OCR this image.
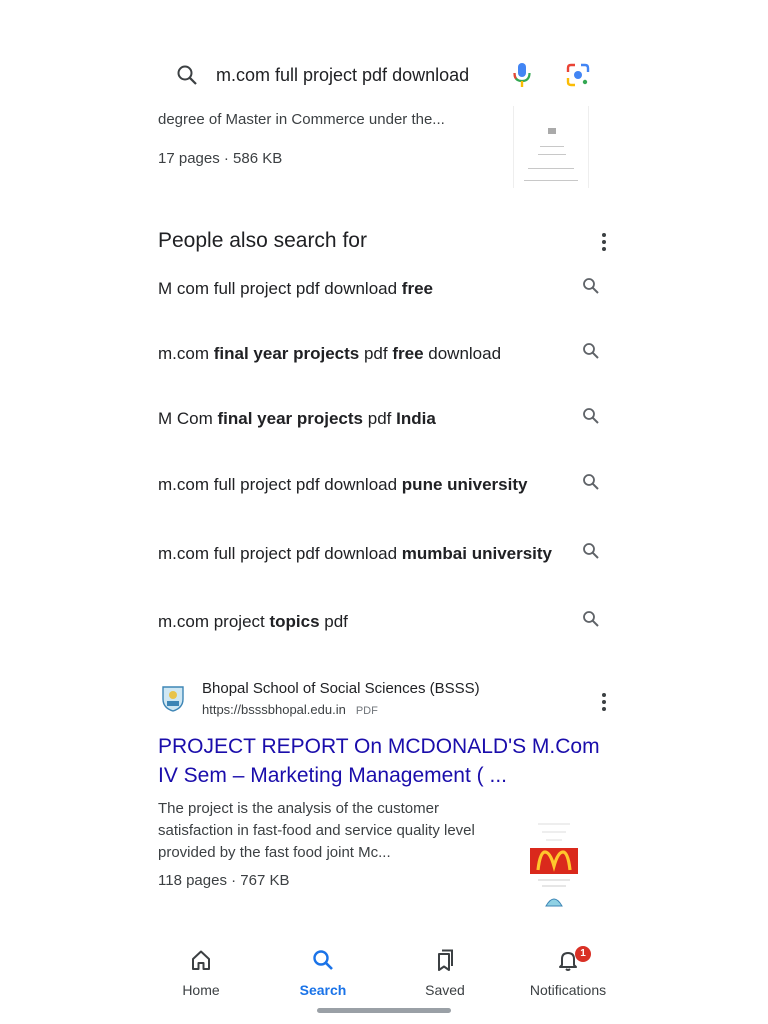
degree of Master in Commerce under the...
17 pages · 586 KB
m.com full project pdf download
People also search for
M com full project pdf download free
m.com final year projects pdf free download
M Com final year projects pdf India
m.com full project pdf download pune university
m.com full project pdf download mumbai university
m.com project topics pdf
Bhopal School of Social Sciences (BSSS)
https://bsssbhopal.edu.in PDF
PROJECT REPORT On MCDONALD'S M.Com IV Sem – Marketing Management ( ...
The project is the analysis of the customer satisfaction in fast-food and service quality level provided by the fast food joint Mc...
118 pages · 767 KB
Home	Search	Saved
1
Notifications
